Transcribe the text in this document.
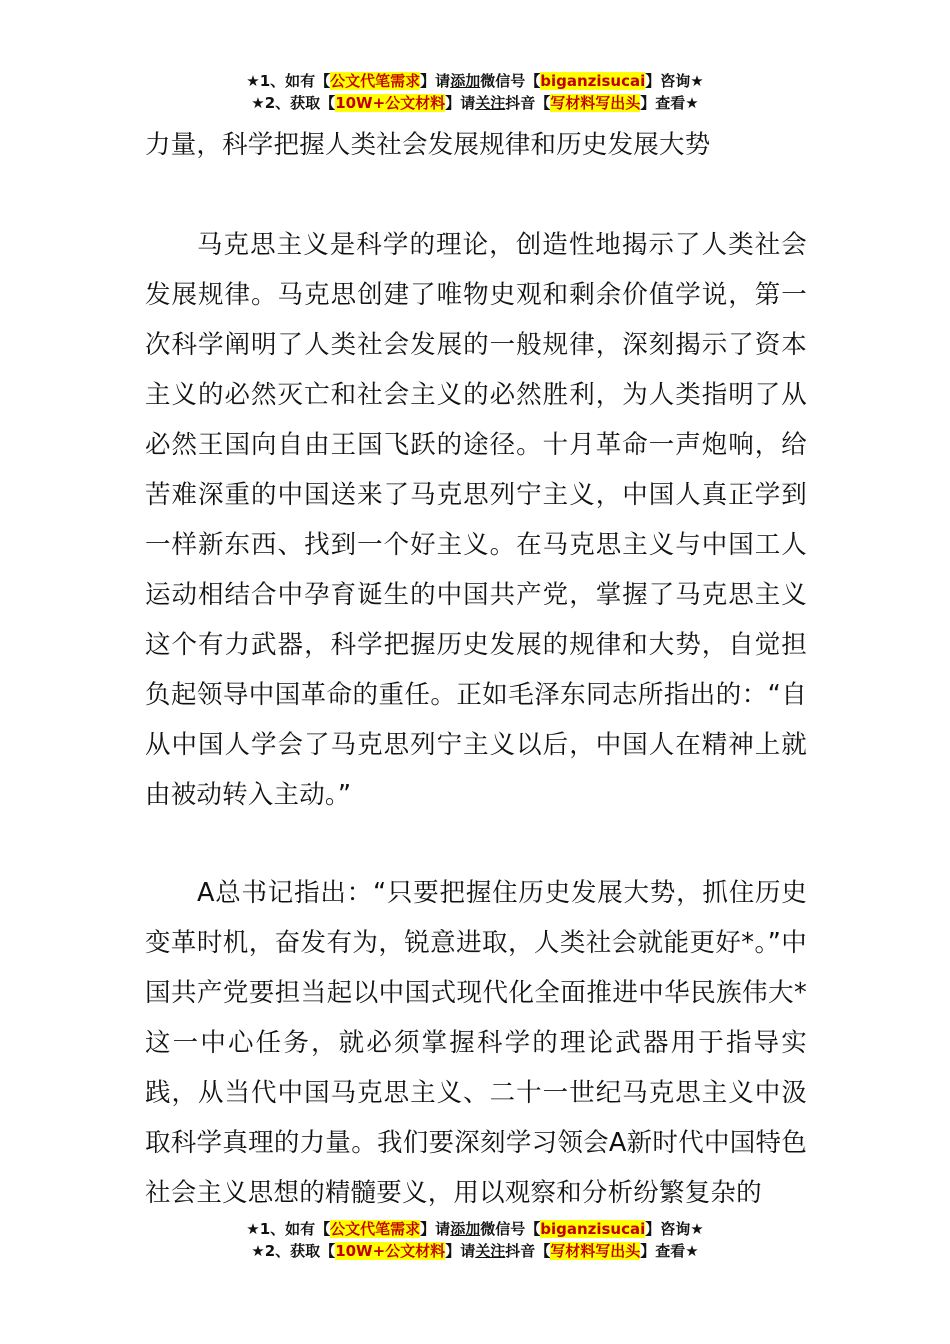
★1、如有【公文代笔需求】请添加微信号【biganzisucai】咨询★
★2、获取【10W+公文材料】请关注抖音【写材料写出头】查看★

力量，科学把握人类社会发展规律和历史发展大势

马克思主义是科学的理论，创造性地揭示了人类社会发展规律。马克思创建了唯物史观和剩余价值学说，第一次科学阐明了人类社会发展的一般规律，深刻揭示了资本主义的必然灭亡和社会主义的必然胜利，为人类指明了从必然王国向自由王国飞跃的途径。十月革命一声炮响，给苦难深重的中国送来了马克思列宁主义，中国人真正学到一样新东西、找到一个好主义。在马克思主义与中国工人运动相结合中孕育诞生的中国共产党，掌握了马克思主义这个有力武器，科学把握历史发展的规律和大势，自觉担负起领导中国革命的重任。正如毛泽东同志所指出的：“自从中国人学会了马克思列宁主义以后，中国人在精神上就由被动转入主动。”

A总书记指出：“只要把握住历史发展大势，抓住历史变革时机，奋发有为，锐意进取，人类社会就能更好*。”中国共产党要担当起以中国式现代化全面推进中华民族伟大*这一中心任务，就必须掌握科学的理论武器用于指导实践，从当代中国马克思主义、二十一世纪马克思主义中汲取科学真理的力量。我们要深刻学习领会A新时代中国特色社会主义思想的精髓要义，用以观察和分析纷繁复杂的

★1、如有【公文代笔需求】请添加微信号【biganzisucai】咨询★
★2、获取【10W+公文材料】请关注抖音【写材料写出头】查看★
